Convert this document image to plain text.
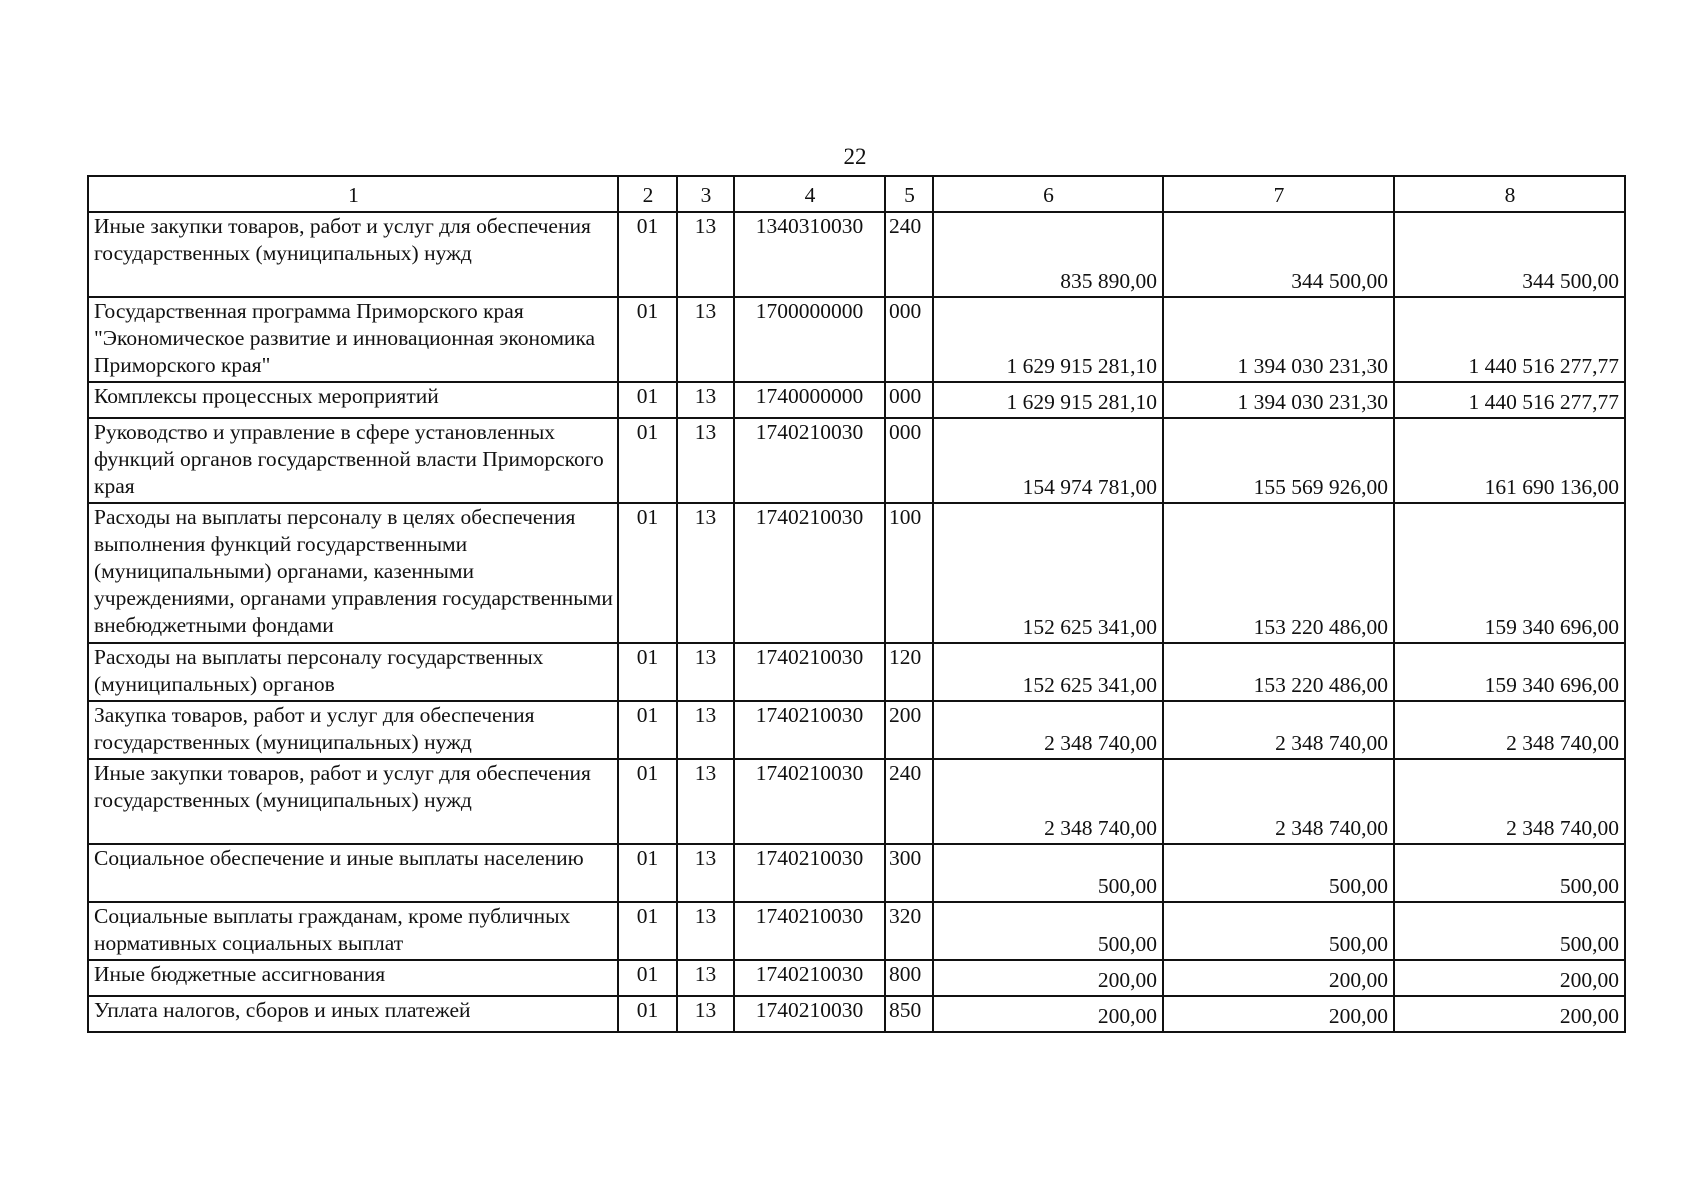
22
1	2	3	4	5	6	7	8
Иные закупки товаров, работ и услуг для обеспечения государственных (муниципальных) нужд	01	13	1340310030	240	835 890,00	344 500,00	344 500,00
Государственная программа Приморского края "Экономическое развитие и инновационная экономика Приморского края"	01	13	1700000000	000	1 629 915 281,10	1 394 030 231,30	1 440 516 277,77
Комплексы процессных мероприятий	01	13	1740000000	000	1 629 915 281,10	1 394 030 231,30	1 440 516 277,77
Руководство и управление в сфере установленных функций органов государственной власти Приморского края	01	13	1740210030	000	154 974 781,00	155 569 926,00	161 690 136,00
Расходы на выплаты персоналу в целях обеспечения выполнения функций государственными (муниципальными) органами, казенными учреждениями, органами управления государственными внебюджетными фондами	01	13	1740210030	100	152 625 341,00	153 220 486,00	159 340 696,00
Расходы на выплаты персоналу государственных (муниципальных) органов	01	13	1740210030	120	152 625 341,00	153 220 486,00	159 340 696,00
Закупка товаров, работ и услуг для обеспечения государственных (муниципальных) нужд	01	13	1740210030	200	2 348 740,00	2 348 740,00	2 348 740,00
Иные закупки товаров, работ и услуг для обеспечения государственных (муниципальных) нужд	01	13	1740210030	240	2 348 740,00	2 348 740,00	2 348 740,00
Социальное обеспечение и иные выплаты населению	01	13	1740210030	300	500,00	500,00	500,00
Социальные выплаты гражданам, кроме публичных нормативных социальных выплат	01	13	1740210030	320	500,00	500,00	500,00
Иные бюджетные ассигнования	01	13	1740210030	800	200,00	200,00	200,00
Уплата налогов, сборов и иных платежей	01	13	1740210030	850	200,00	200,00	200,00
